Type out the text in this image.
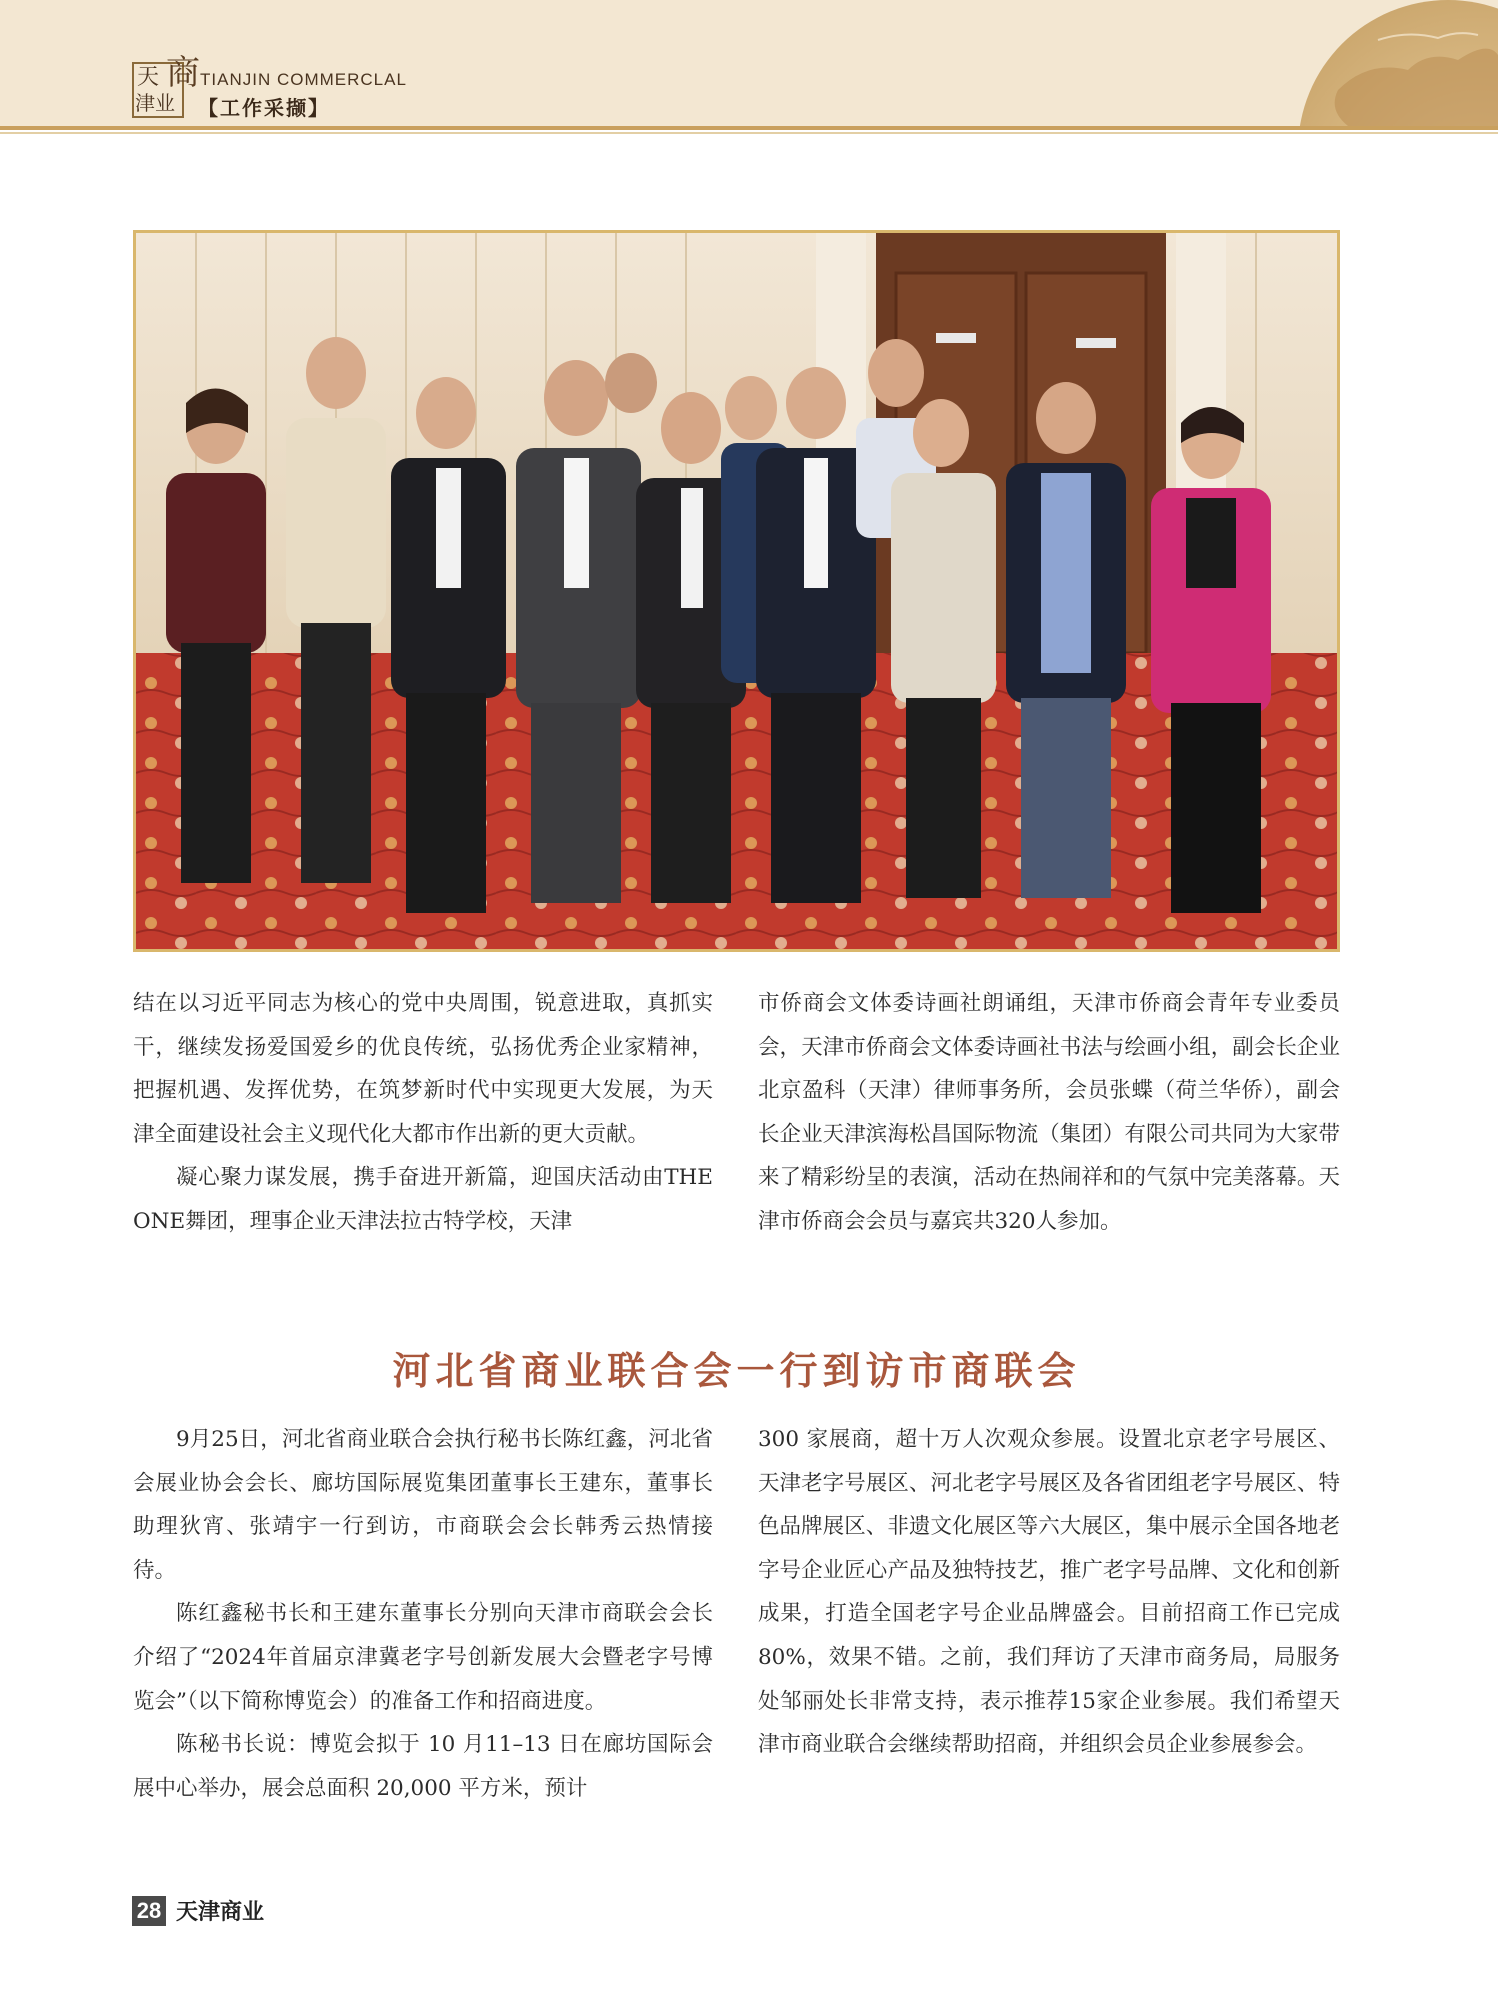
天 商
津业
TIANJIN COMMERCLAL
【工作采撷】

结在以习近平同志为核心的党中央周围，锐意进取，真抓实干，继续发扬爱国爱乡的优良传统，弘扬优秀企业家精神，把握机遇、发挥优势，在筑梦新时代中实现更大发展，为天津全面建设社会主义现代化大都市作出新的更大贡献。

凝心聚力谋发展，携手奋进开新篇，迎国庆活动由THE ONE舞团，理事企业天津法拉古特学校，天津

市侨商会文体委诗画社朗诵组，天津市侨商会青年专业委员会，天津市侨商会文体委诗画社书法与绘画小组，副会长企业北京盈科（天津）律师事务所，会员张蝶（荷兰华侨），副会长企业天津滨海松昌国际物流（集团）有限公司共同为大家带来了精彩纷呈的表演，活动在热闹祥和的气氛中完美落幕。天津市侨商会会员与嘉宾共320人参加。

河北省商业联合会一行到访市商联会

9月25日，河北省商业联合会执行秘书长陈红鑫，河北省会展业协会会长、廊坊国际展览集团董事长王建东，董事长助理狄宵、张靖宇一行到访，市商联会会长韩秀云热情接待。

陈红鑫秘书长和王建东董事长分别向天津市商联会会长介绍了“2024年首届京津冀老字号创新发展大会暨老字号博览会”（以下简称博览会）的准备工作和招商进度。

陈秘书长说：博览会拟于 10 月11–13 日在廊坊国际会展中心举办，展会总面积 20,000 平方米，预计

300 家展商，超十万人次观众参展。设置北京老字号展区、天津老字号展区、河北老字号展区及各省团组老字号展区、特色品牌展区、非遗文化展区等六大展区，集中展示全国各地老字号企业匠心产品及独特技艺，推广老字号品牌、文化和创新成果，打造全国老字号企业品牌盛会。目前招商工作已完成80%，效果不错。之前，我们拜访了天津市商务局，局服务处邹丽处长非常支持，表示推荐15家企业参展。我们希望天津市商业联合会继续帮助招商，并组织会员企业参展参会。

28 天津商业
